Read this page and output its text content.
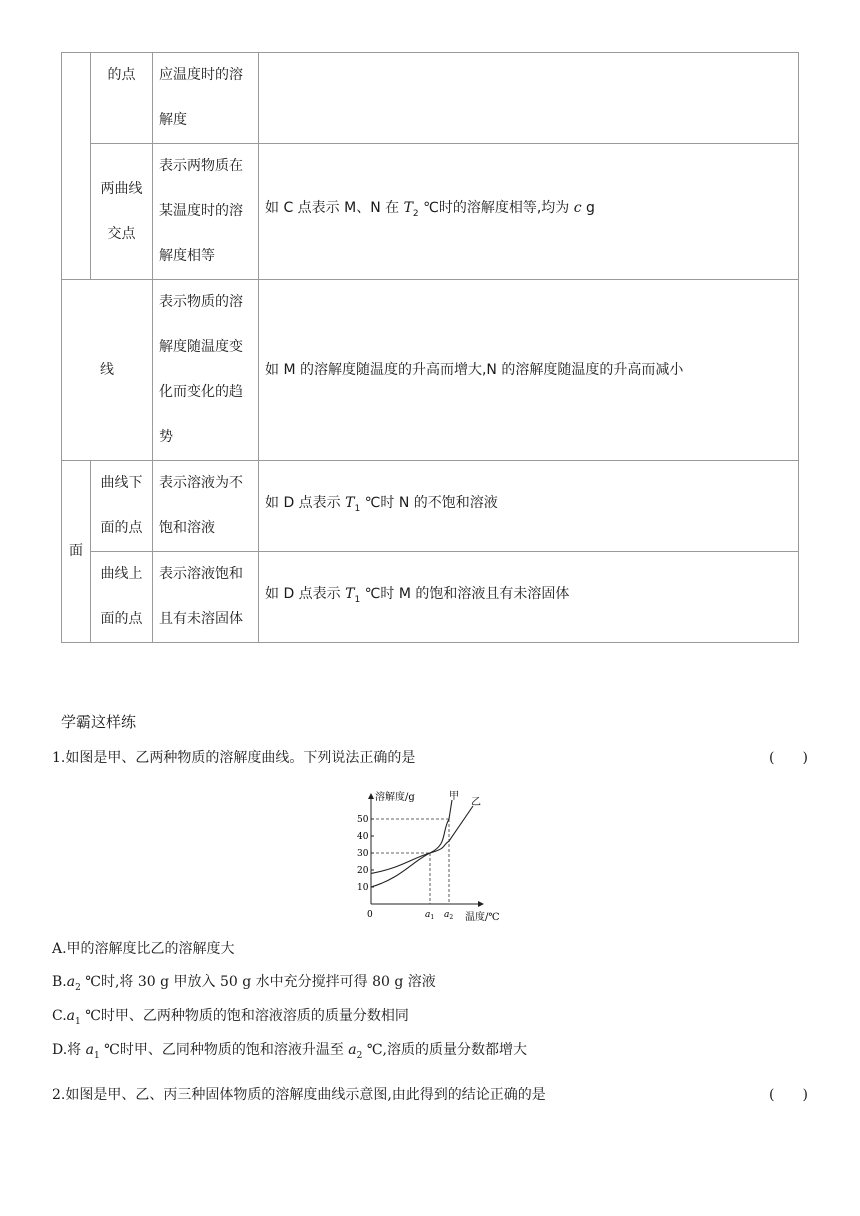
	的点	应温度时的溶
解度	
	两曲线
交点	表示两物质在
某温度时的溶
解度相等	如 C 点表示 M、N 在 $T_2$ ℃时的溶解度相等,均为 c g
线		表示物质的溶
解度随温度变
化而变化的趋
势	如 M 的溶解度随温度的升高而增大,N 的溶解度随温度的升高而减小
面	曲线下
面的点	表示溶液为不
饱和溶液	如 D 点表示 $T_1$ ℃时 N 的不饱和溶液
	曲线上
面的点	表示溶液饱和
且有未溶固体	如 D 点表示 $T_1$ ℃时 M 的饱和溶液且有未溶固体
学霸这样练
1.如图是甲、乙两种物质的溶解度曲线。下列说法正确的是	(　　)
溶解度/g
温度/℃
0
10
20
30
40
50
甲
乙
$a_1$ $a_2$
A.甲的溶解度比乙的溶解度大
$B.a_2$ ℃时,将 30 g 甲放入 50 g 水中充分搅拌可得 80 g 溶液
$C.a_1$ ℃时甲、乙两种物质的饱和溶液溶质的质量分数相同
D.将 $a_1$ ℃时甲、乙同种物质的饱和溶液升温至 $a_2$ ℃,溶质的质量分数都增大
2.如图是甲、乙、丙三种固体物质的溶解度曲线示意图,由此得到的结论正确的是	(　　)
